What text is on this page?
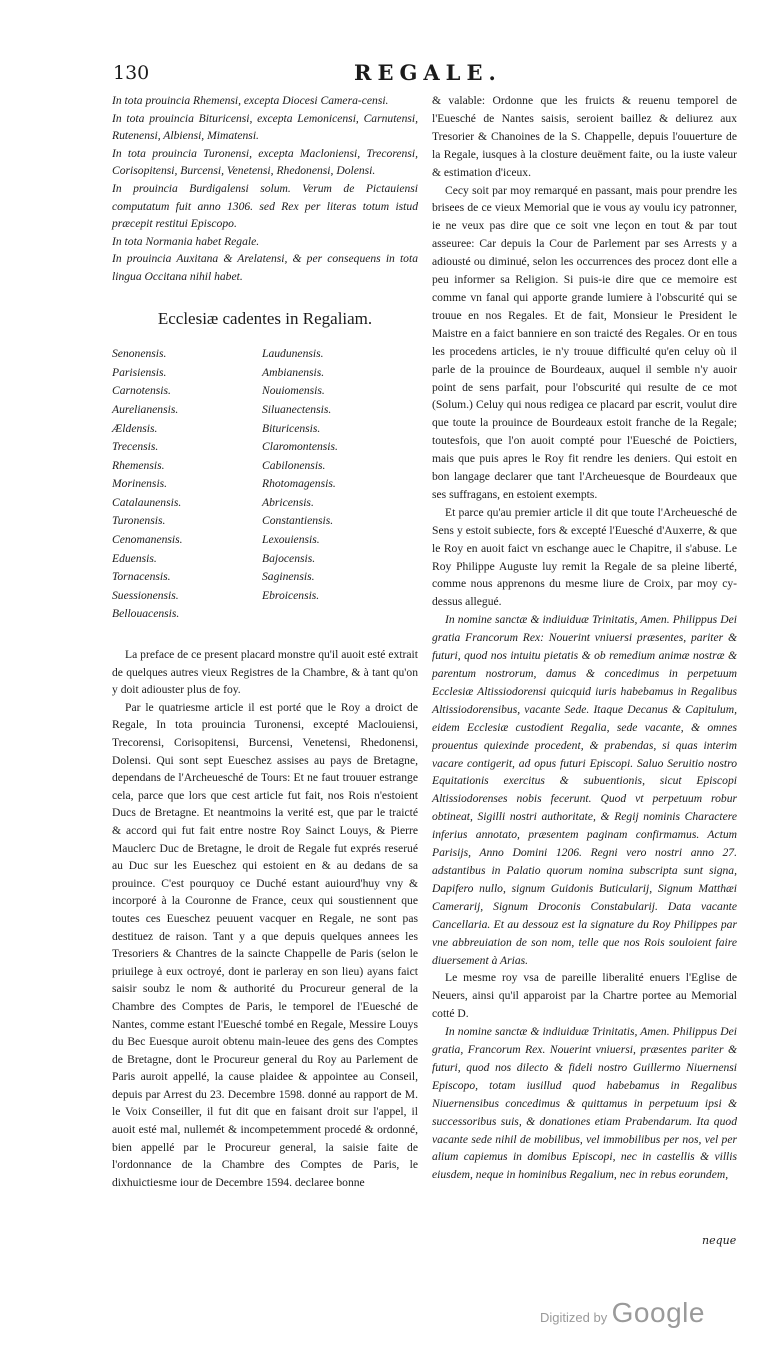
130	REGALE.

In tota prouincia Rhemensi, excepta Diocesi Camera-censi.

In tota prouincia Bituricensi, excepta Lemonicensi, Carnutensi, Rutenensi, Albiensi, Mimatensi.

In tota prouincia Turonensi, excepta Macloniensi, Trecorensi, Corisopitensi, Burcensi, Venetensi, Rhedonensi, Dolensi.

In prouincia Burdigalensi solum. Verum de Pictauiensi computatum fuit anno 1306. sed Rex per literas totum istud præcepit restitui Episcopo.

In tota Normania habet Regale.

In prouincia Auxitana & Arelatensi, & per consequens in tota lingua Occitana nihil habet.

Ecclesiæ cadentes in Regaliam.

Senonensis.
Parisiensis.
Carnotensis.
Aurelianensis.
Ældensis.
Trecensis.
Rhemensis.
Morinensis.
Catalaunensis.
Turonensis.
Cenomanensis.
Eduensis.
Tornacensis.
Suessionensis.
Bellouacensis.
Laudunensis.
Ambianensis.
Nouiomensis.
Siluanectensis.
Bituricensis.
Claromontensis.
Cabilonensis.
Rhotomagensis.
Abricensis.
Constantiensis.
Lexouiensis.
Bajocensis.
Saginensis.
Ebroicensis.

La preface de ce present placard monstre qu'il auoit esté extrait de quelques autres vieux Registres de la Chambre, & à tant qu'on y doit adiouster plus de foy.

Par le quatriesme article il est porté que le Roy a droict de Regale, In tota prouincia Turonensi, excepté Maclouiensi, Trecorensi, Corisopitensi, Burcensi, Venetensi, Rhedonensi, Dolensi. Qui sont sept Eueschez assises au pays de Bretagne, dependans de l'Archeuesché de Tours: Et ne faut trouuer estrange cela, parce que lors que cest article fut fait, nos Rois n'estoient Ducs de Bretagne. Et neantmoins la verité est, que par le traicté & accord qui fut fait entre nostre Roy Sainct Louys, & Pierre Mauclerc Duc de Bretagne, le droit de Regale fut exprés reserué au Duc sur les Eueschez qui estoient en & au dedans de sa prouince. C'est pourquoy ce Duché estant auiourd'huy vny & incorporé à la Couronne de France, ceux qui soustiennent que toutes ces Eueschez peuuent vacquer en Regale, ne sont pas destituez de raison. Tant y a que depuis quelques annees les Tresoriers & Chantres de la saincte Chappelle de Paris (selon le priuilege à eux octroyé, dont ie parleray en son lieu) ayans faict saisir soubz le nom & authorité du Procureur general de la Chambre des Comptes de Paris, le temporel de l'Euesché de Nantes, comme estant l'Euesché tombé en Regale, Messire Louys du Bec Euesque auroit obtenu main-leuee des gens des Comptes de Bretagne, dont le Procureur general du Roy au Parlement de Paris auroit appellé, la cause plaidee & appointee au Conseil, depuis par Arrest du 23. Decembre 1598. donné au rapport de M. le Voix Conseiller, il fut dit que en faisant droit sur l'appel, il auoit esté mal, nullemét & incompetemment procedé & ordonné, bien appellé par le Procureur general, la saisie faite de l'ordonnance de la Chambre des Comptes de Paris, le dixhuictiesme iour de Decembre 1594. declaree bonne

& valable: Ordonne que les fruicts & reuenu temporel de l'Euesché de Nantes saisis, seroient baillez & deliurez aux Tresorier & Chanoines de la S. Chappelle, depuis l'ouuerture de la Regale, iusques à la closture deuëment faite, ou la iuste valeur & estimation d'iceux.

Cecy soit par moy remarqué en passant, mais pour prendre les brisees de ce vieux Memorial que ie vous ay voulu icy patronner, ie ne veux pas dire que ce soit vne leçon en tout & par tout asseuree: Car depuis la Cour de Parlement par ses Arrests y a adiousté ou diminué, selon les occurrences des procez dont elle a peu informer sa Religion. Si puis-ie dire que ce memoire est comme vn fanal qui apporte grande lumiere à l'obscurité qui se trouue en nos Regales. Et de fait, Monsieur le President le Maistre en a faict banniere en son traicté des Regales. Or en tous les procedens articles, ie n'y trouue difficulté qu'en celuy où il parle de la prouince de Bourdeaux, auquel il semble n'y auoir point de sens parfait, pour l'obscurité qui resulte de ce mot (Solum.) Celuy qui nous redigea ce placard par escrit, voulut dire que toute la prouince de Bourdeaux estoit franche de la Regale; toutesfois, que l'on auoit compté pour l'Euesché de Poictiers, mais que puis apres le Roy fit rendre les deniers. Qui estoit en bon langage declarer que tant l'Archeuesque de Bourdeaux que ses suffragans, en estoient exempts.

Et parce qu'au premier article il dit que toute l'Archeuesché de Sens y estoit subiecte, fors & excepté l'Euesché d'Auxerre, & que le Roy en auoit faict vn eschange auec le Chapitre, il s'abuse. Le Roy Philippe Auguste luy remit la Regale de sa pleine liberté, comme nous apprenons du mesme liure de Croix, par moy cy-dessus allegué.

In nomine sanctæ & indiuiduæ Trinitatis, Amen. Philippus Dei gratia Francorum Rex: Nouerint vniuersi præsentes, pariter & futuri, quod nos intuitu pietatis & ob remedium animæ nostræ & parentum nostrorum, damus & concedimus in perpetuum Ecclesiæ Altissiodorensi quicquid iuris habebamus in Regalibus Altissiodorensibus, vacante Sede. Itaque Decanus & Capitulum, eidem Ecclesiæ custodient Regalia, sede vacante, & omnes prouentus quiexinde procedent, & prabendas, si quas interim vacare contigerit, ad opus futuri Episcopi. Saluo Seruitio nostro Equitationis exercitus & subuentionis, sicut Episcopi Altissiodorenses nobis fecerunt. Quod vt perpetuum robur obtineat, Sigilli nostri authoritate, & Regij nominis Charactere inferius annotato, præsentem paginam confirmamus. Actum Parisijs, Anno Domini 1206. Regni vero nostri anno 27. adstantibus in Palatio quorum nomina subscripta sunt signa, Dapifero nullo, signum Guidonis Buticularij, Signum Matthæi Camerarij, Signum Droconis Constabularij. Data vacante Cancellaria. Et au dessouz est la signature du Roy Philippes par vne abbreuiation de son nom, telle que nos Rois souloient faire diuersement à Arias.

Le mesme roy vsa de pareille liberalité enuers l'Eglise de Neuers, ainsi qu'il apparoist par la Chartre portee au Memorial cotté D.

In nomine sanctæ & indiuiduæ Trinitatis, Amen. Philippus Dei gratia, Francorum Rex. Nouerint vniuersi, præsentes pariter & futuri, quod nos dilecto & fideli nostro Guillermo Niuernensi Episcopo, totam iusillud quod habebamus in Regalibus Niuernensibus concedimus & quittamus in perpetuum ipsi & successoribus suis, & donationes etiam Prabendarum. Ita quod vacante sede nihil de mobilibus, vel immobilibus per nos, vel per alium capiemus in domibus Episcopi, nec in castellis & villis eiusdem, neque in hominibus Regalium, nec in rebus eorundem,

neque
Digitized by Google
